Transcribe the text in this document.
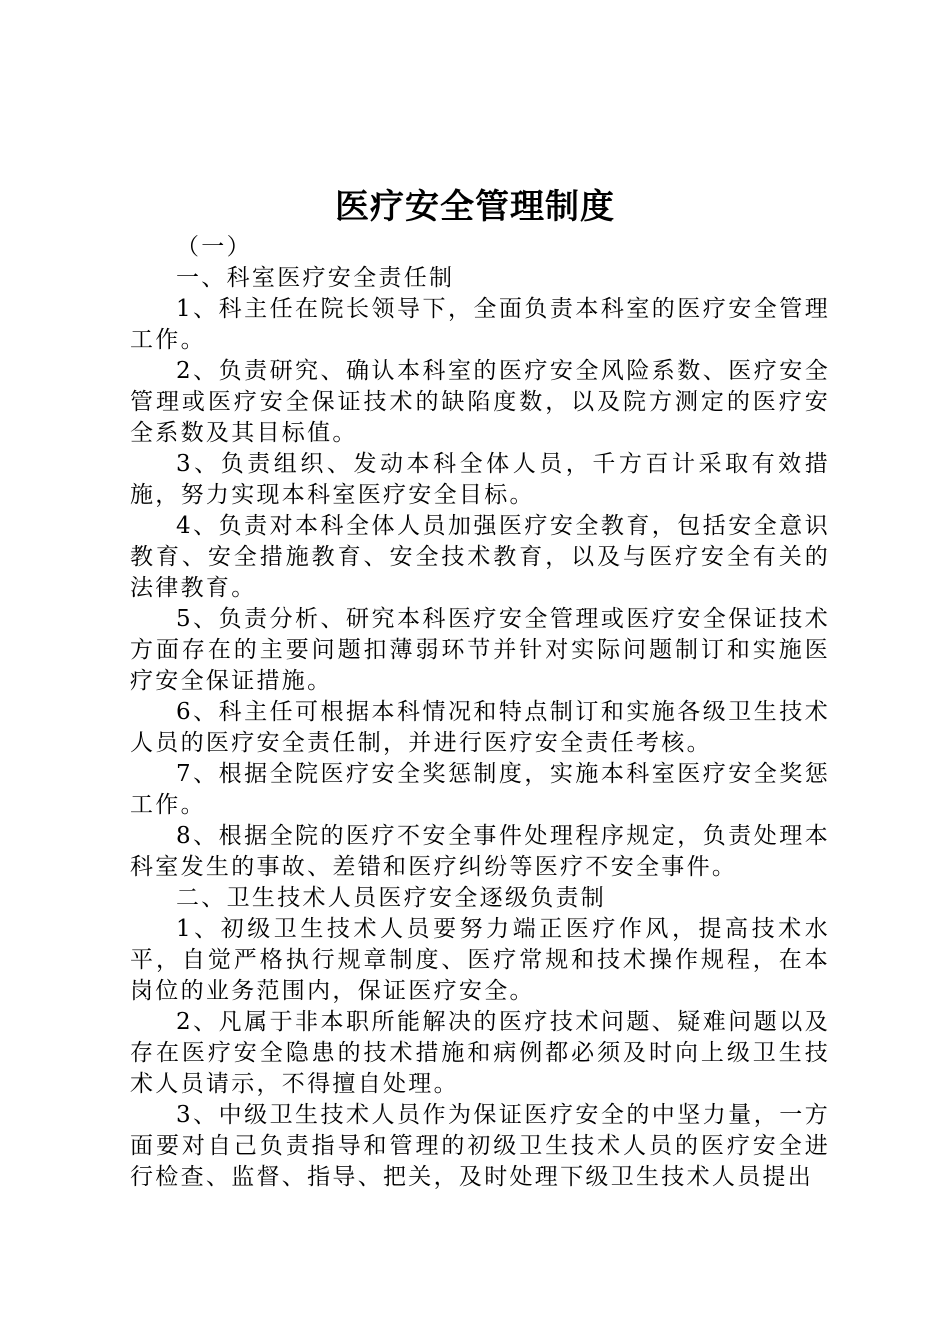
医疗安全管理制度

（一）

一、科室医疗安全责任制

1、科主任在院长领导下，全面负责本科室的医疗安全管理工作。

2、负责研究、确认本科室的医疗安全风险系数、医疗安全管理或医疗安全保证技术的缺陷度数，以及院方测定的医疗安全系数及其目标值。

3、负责组织、发动本科全体人员，千方百计采取有效措施，努力实现本科室医疗安全目标。

4、负责对本科全体人员加强医疗安全教育，包括安全意识教育、安全措施教育、安全技术教育，以及与医疗安全有关的法律教育。

5、负责分析、研究本科医疗安全管理或医疗安全保证技术方面存在的主要问题扣薄弱环节并针对实际问题制订和实施医疗安全保证措施。

6、科主任可根据本科情况和特点制订和实施各级卫生技术人员的医疗安全责任制，并进行医疗安全责任考核。

7、根据全院医疗安全奖惩制度，实施本科室医疗安全奖惩工作。

8、根据全院的医疗不安全事件处理程序规定，负责处理本科室发生的事故、差错和医疗纠纷等医疗不安全事件。

二、卫生技术人员医疗安全逐级负责制

1、初级卫生技术人员要努力端正医疗作风，提高技术水平，自觉严格执行规章制度、医疗常规和技术操作规程，在本岗位的业务范围内，保证医疗安全。

2、凡属于非本职所能解决的医疗技术问题、疑难问题以及存在医疗安全隐患的技术措施和病例都必须及时向上级卫生技术人员请示，不得擅自处理。

3、中级卫生技术人员作为保证医疗安全的中坚力量，一方面要对自己负责指导和管理的初级卫生技术人员的医疗安全进行检查、监督、指导、把关，及时处理下级卫生技术人员提出
